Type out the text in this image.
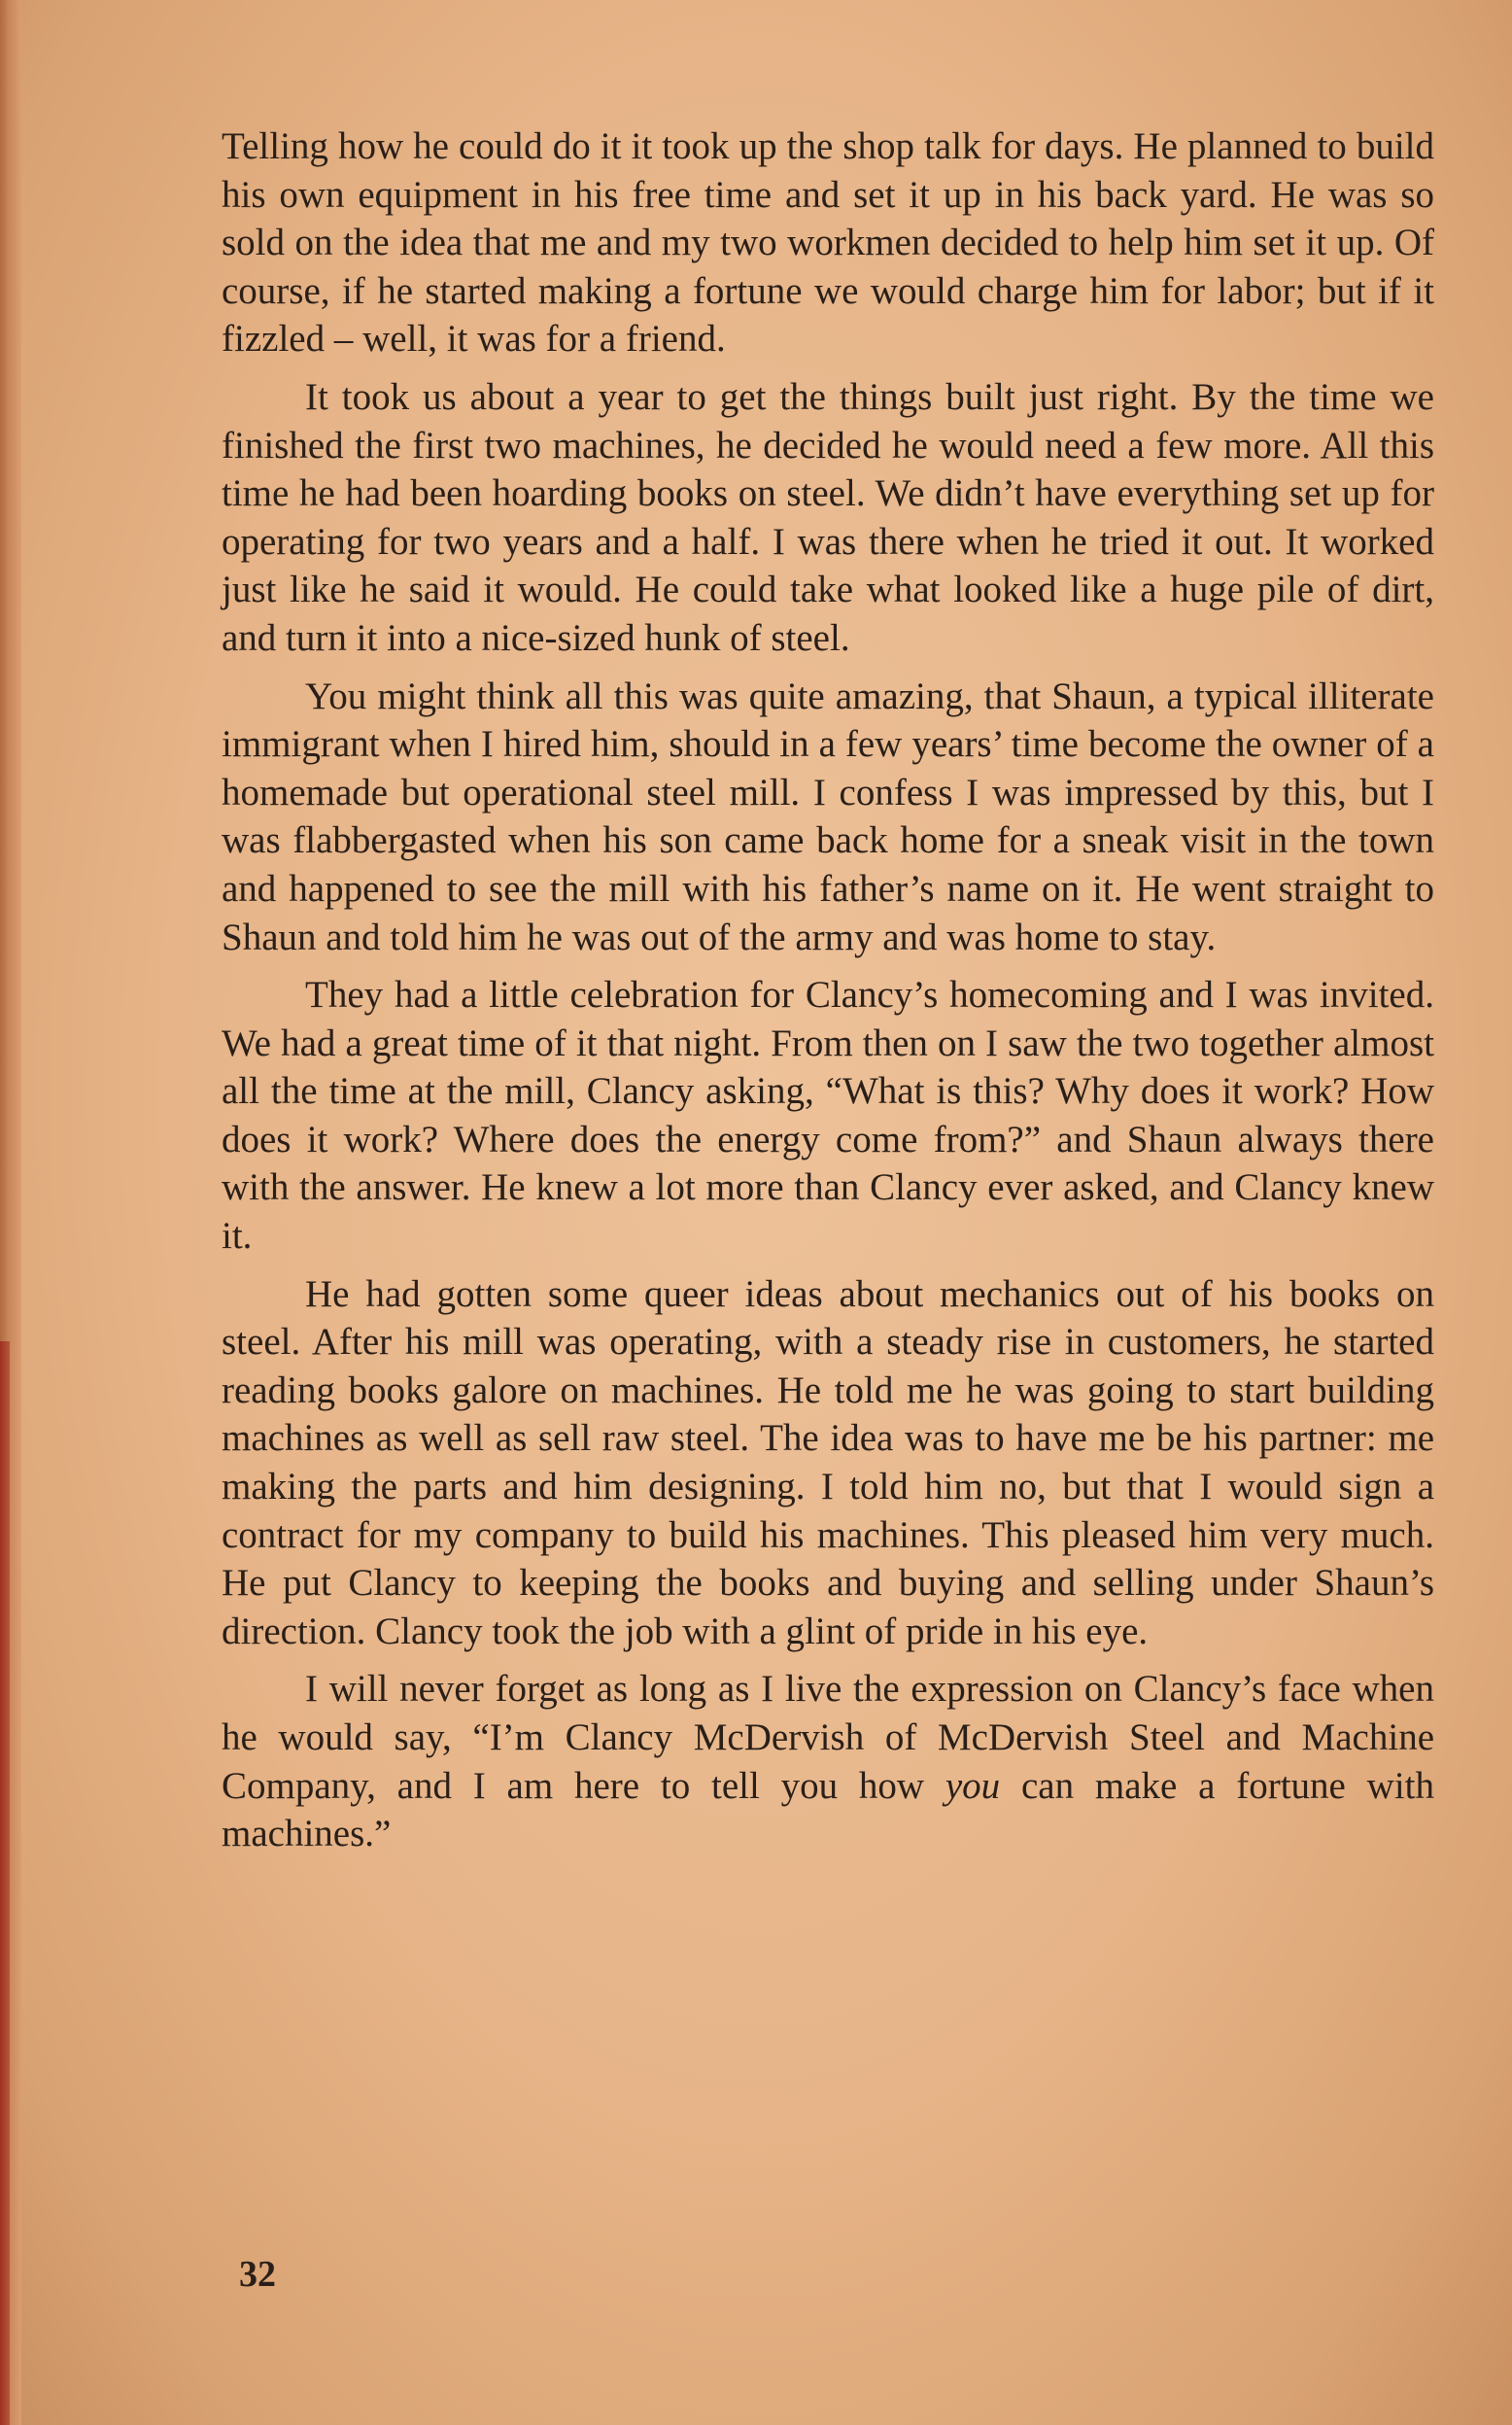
Telling how he could do it it took up the shop talk for days. He planned to build his own equipment in his free time and set it up in his back yard. He was so sold on the idea that me and my two workmen decided to help him set it up. Of course, if he started making a fortune we would charge him for labor; but if it fizzled – well, it was for a friend.

It took us about a year to get the things built just right. By the time we finished the first two machines, he decided he would need a few more. All this time he had been hoarding books on steel. We didn’t have everything set up for operating for two years and a half. I was there when he tried it out. It worked just like he said it would. He could take what looked like a huge pile of dirt, and turn it into a nice-sized hunk of steel.

You might think all this was quite amazing, that Shaun, a typical illiterate immigrant when I hired him, should in a few years’ time become the owner of a homemade but operational steel mill. I confess I was impressed by this, but I was flabbergasted when his son came back home for a sneak visit in the town and happened to see the mill with his father’s name on it. He went straight to Shaun and told him he was out of the army and was home to stay.

They had a little celebration for Clancy’s homecoming and I was invited. We had a great time of it that night. From then on I saw the two together almost all the time at the mill, Clancy asking, “What is this? Why does it work? How does it work? Where does the energy come from?” and Shaun always there with the answer. He knew a lot more than Clancy ever asked, and Clancy knew it.

He had gotten some queer ideas about mechanics out of his books on steel. After his mill was operating, with a steady rise in customers, he started reading books galore on machines. He told me he was going to start building machines as well as sell raw steel. The idea was to have me be his partner: me making the parts and him designing. I told him no, but that I would sign a contract for my company to build his machines. This pleased him very much. He put Clancy to keeping the books and buying and selling under Shaun’s direction. Clancy took the job with a glint of pride in his eye.

I will never forget as long as I live the expression on Clancy’s face when he would say, “I’m Clancy McDervish of McDervish Steel and Machine Company, and I am here to tell you how you can make a fortune with machines.”

32
